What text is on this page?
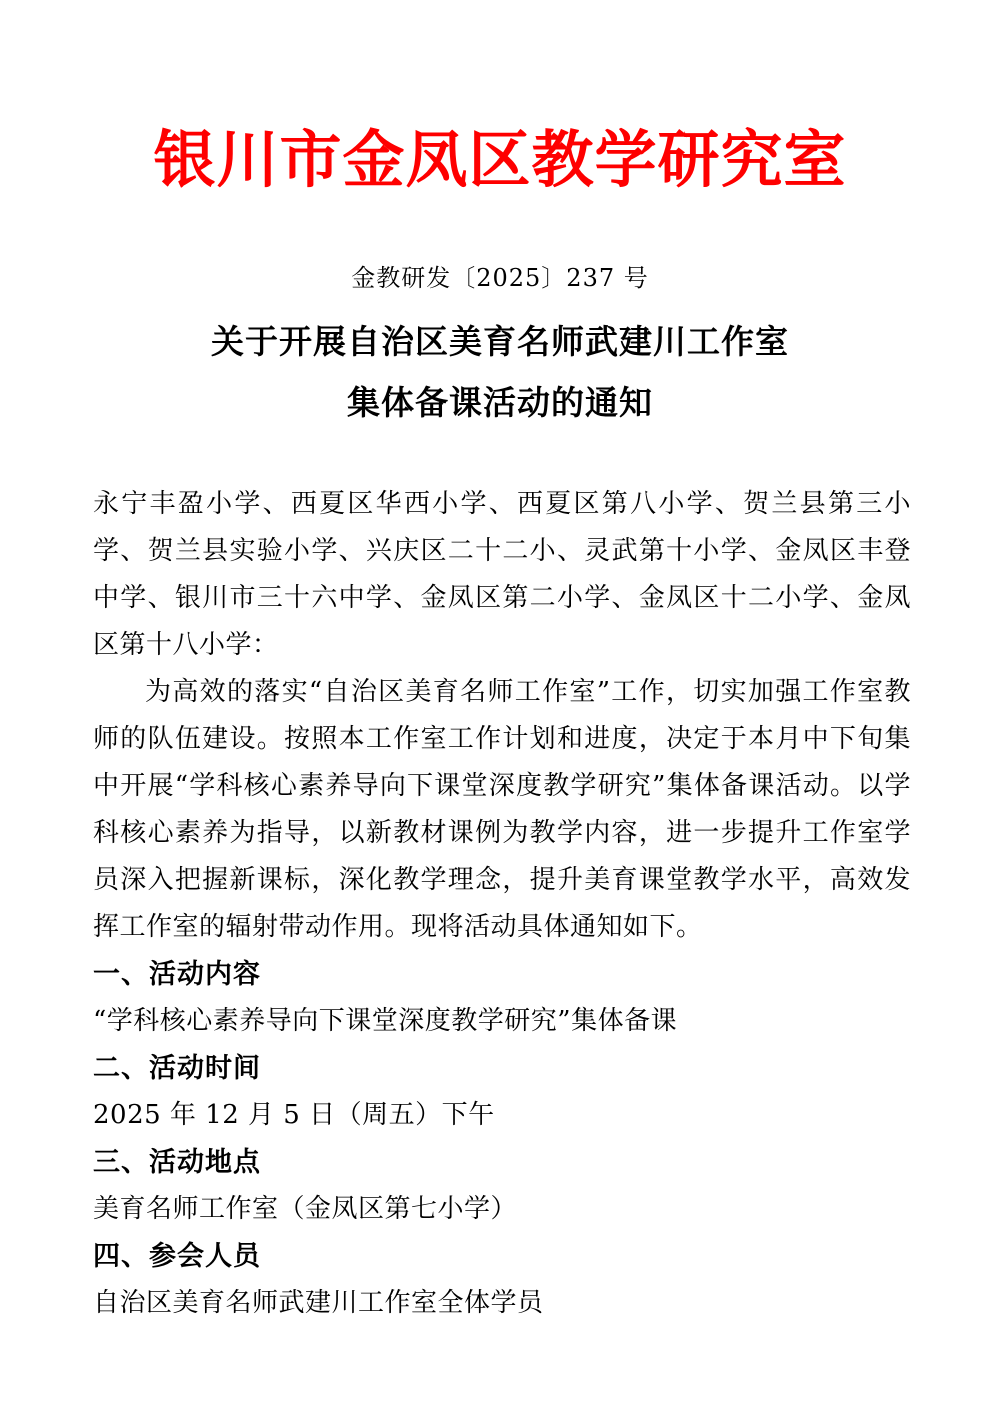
银川市金凤区教学研究室
金教研发〔2025〕237 号
关于开展自治区美育名师武建川工作室
集体备课活动的通知

永宁丰盈小学、西夏区华西小学、西夏区第八小学、贺兰县第三小学、贺兰县实验小学、兴庆区二十二小、灵武第十小学、金凤区丰登中学、银川市三十六中学、金凤区第二小学、金凤区十二小学、金凤区第十八小学：

为高效的落实“自治区美育名师工作室”工作，切实加强工作室教师的队伍建设。按照本工作室工作计划和进度，决定于本月中下旬集中开展“学科核心素养导向下课堂深度教学研究”集体备课活动。以学科核心素养为指导，以新教材课例为教学内容，进一步提升工作室学员深入把握新课标，深化教学理念，提升美育课堂教学水平，高效发挥工作室的辐射带动作用。现将活动具体通知如下。

一、活动内容

“学科核心素养导向下课堂深度教学研究”集体备课

二、活动时间

2025 年 12 月 5 日（周五）下午

三、活动地点

美育名师工作室（金凤区第七小学）

四、参会人员

自治区美育名师武建川工作室全体学员
